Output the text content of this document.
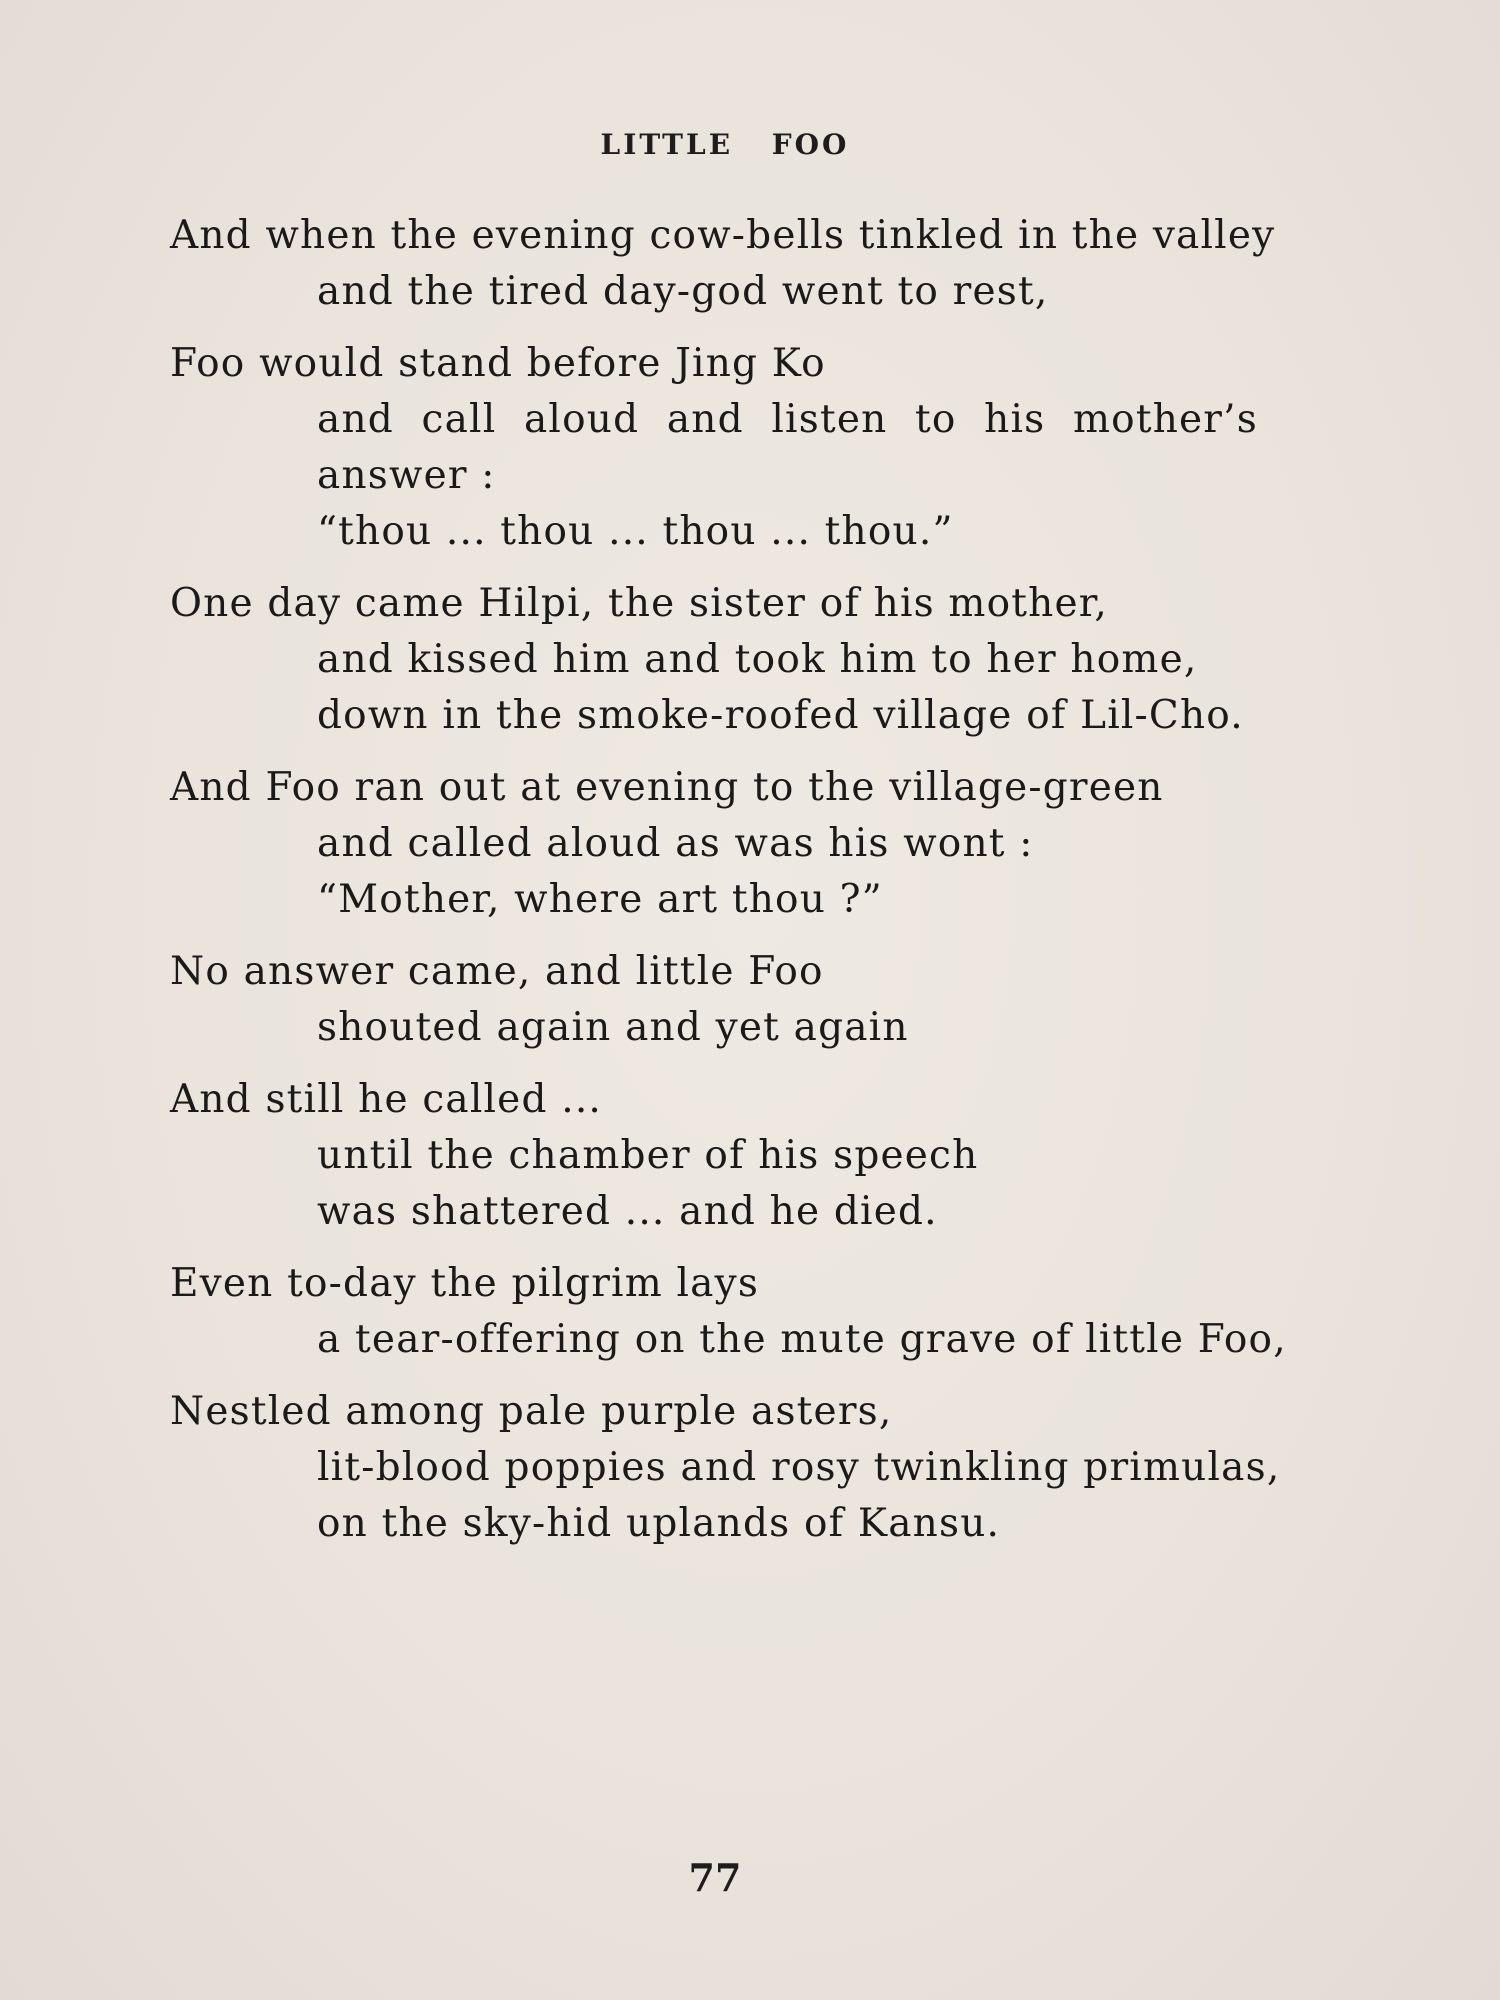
LITTLE FOO
And when the evening cow-bells tinkled in the valley
and the tired day-god went to rest,
Foo would stand before Jing Ko
and call aloud and listen to his mother’s
answer :
“thou ... thou ... thou ... thou.”
One day came Hilpi, the sister of his mother,
and kissed him and took him to her home,
down in the smoke-roofed village of Lil-Cho.
And Foo ran out at evening to the village-green
and called aloud as was his wont :
“Mother, where art thou ?”
No answer came, and little Foo
shouted again and yet again
And still he called ...
until the chamber of his speech
was shattered ... and he died.
Even to-day the pilgrim lays
a tear-offering on the mute grave of little Foo,
Nestled among pale purple asters,
lit-blood poppies and rosy twinkling primulas,
on the sky-hid uplands of Kansu.
77
